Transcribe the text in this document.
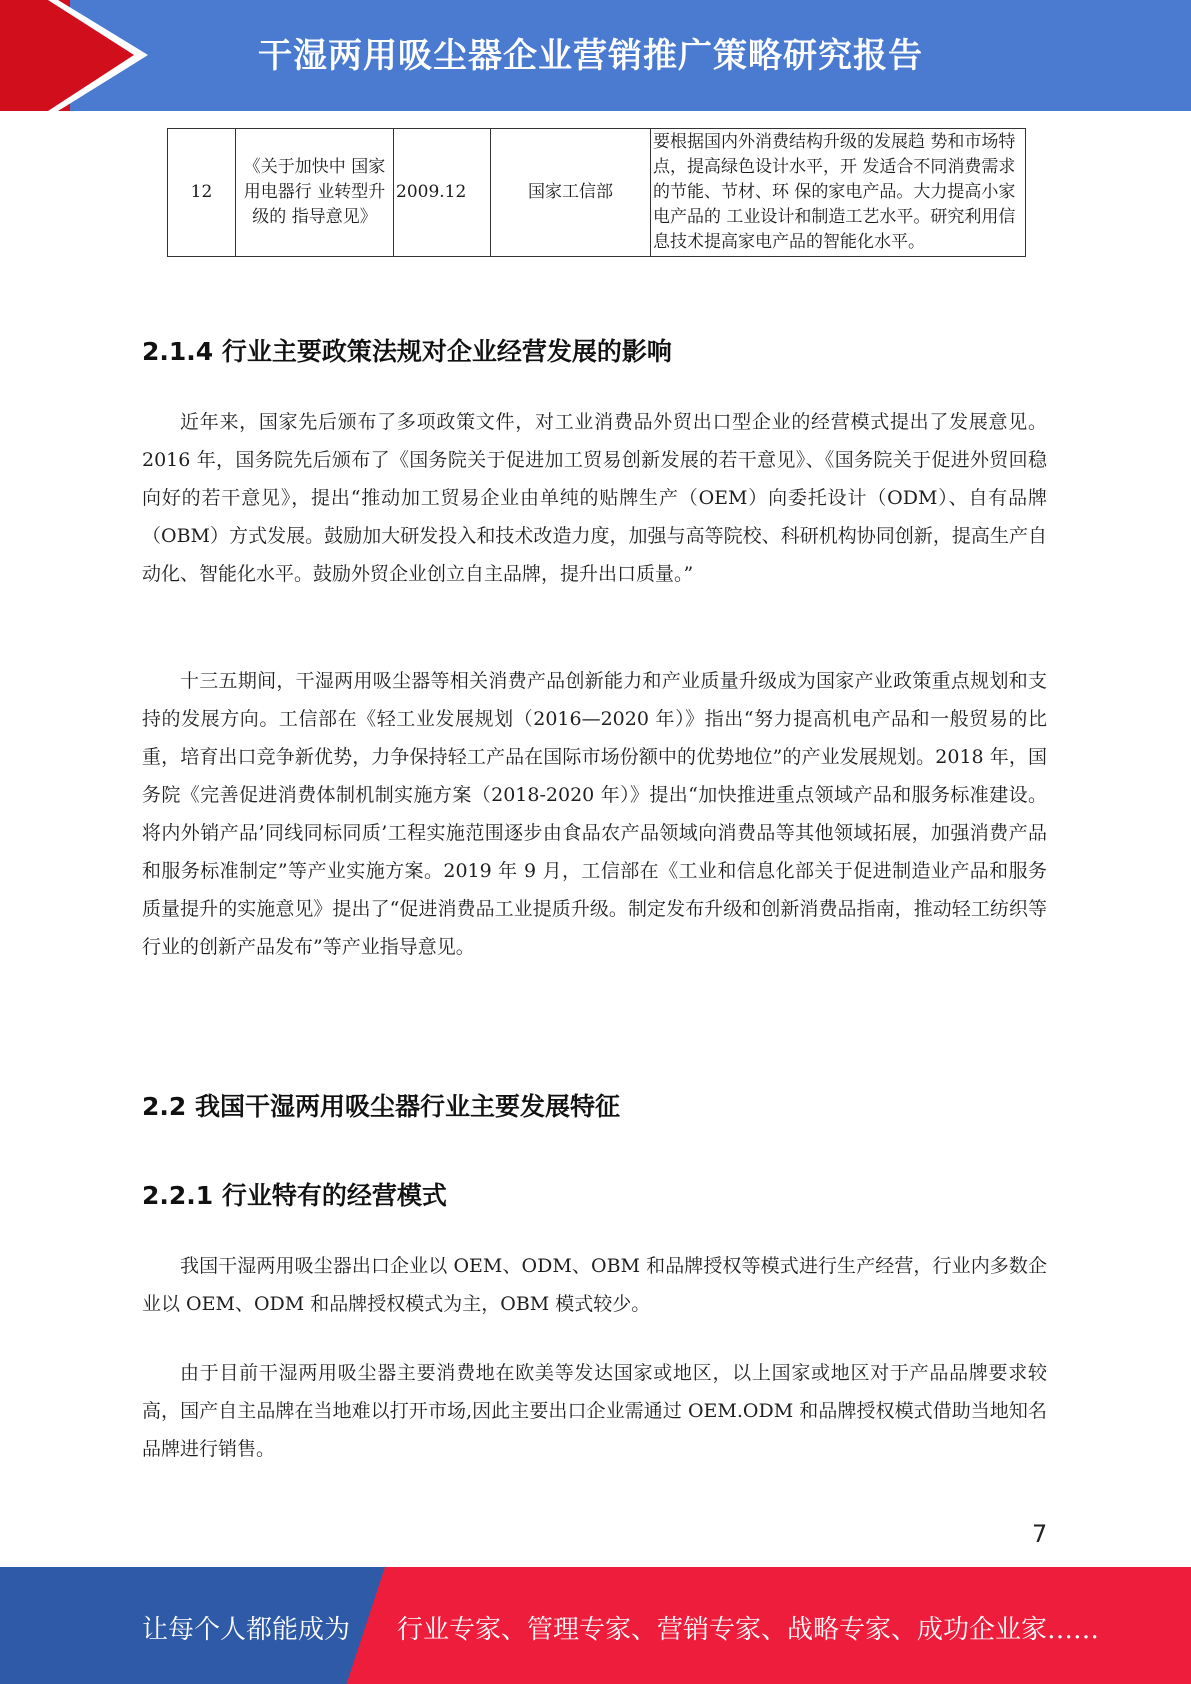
干湿两用吸尘器企业营销推广策略研究报告
12	《关于加快中 国家用电器行 业转型升级的 指导意见》	2009.12	国家工信部	要根据国内外消费结构升级的发展趋 势和市场特点，提高绿色设计水平，开 发适合不同消费需求的节能、节材、环 保的家电产品。大力提高小家电产品的 工业设计和制造工艺水平。研究利用信 息技术提高家电产品的智能化水平。
2.1.4 行业主要政策法规对企业经营发展的影响

近年来，国家先后颁布了多项政策文件，对工业消费品外贸出口型企业的经营模式提出了发展意见。2016 年，国务院先后颁布了《国务院关于促进加工贸易创新发展的若干意见》、《国务院关于促进外贸回稳向好的若干意见》，提出“推动加工贸易企业由单纯的贴牌生产（OEM）向委托设计（ODM）、自有品牌（OBM）方式发展。鼓励加大研发投入和技术改造力度，加强与高等院校、科研机构协同创新，提高生产自动化、智能化水平。鼓励外贸企业创立自主品牌，提升出口质量。”

十三五期间，干湿两用吸尘器等相关消费产品创新能力和产业质量升级成为国家产业政策重点规划和支持的发展方向。工信部在《轻工业发展规划（2016—2020 年）》指出“努力提高机电产品和一般贸易的比重，培育出口竞争新优势，力争保持轻工产品在国际市场份额中的优势地位”的产业发展规划。2018 年，国务院《完善促进消费体制机制实施方案（2018-2020 年）》提出“加快推进重点领域产品和服务标准建设。将内外销产品’同线同标同质’工程实施范围逐步由食品农产品领域向消费品等其他领域拓展，加强消费产品和服务标准制定”等产业实施方案。2019 年 9 月，工信部在《工业和信息化部关于促进制造业产品和服务质量提升的实施意见》提出了“促进消费品工业提质升级。制定发布升级和创新消费品指南，推动轻工纺织等行业的创新产品发布”等产业指导意见。

2.2 我国干湿两用吸尘器行业主要发展特征
2.2.1 行业特有的经营模式

我国干湿两用吸尘器出口企业以 OEM、ODM、OBM 和品牌授权等模式进行生产经营，行业内多数企业以 OEM、ODM 和品牌授权模式为主，OBM 模式较少。

由于目前干湿两用吸尘器主要消费地在欧美等发达国家或地区，以上国家或地区对于产品品牌要求较高，国产自主品牌在当地难以打开市场,因此主要出口企业需通过 OEM.ODM 和品牌授权模式借助当地知名品牌进行销售。

7
让每个人都能成为 行业专家、管理专家、营销专家、战略专家、成功企业家……
